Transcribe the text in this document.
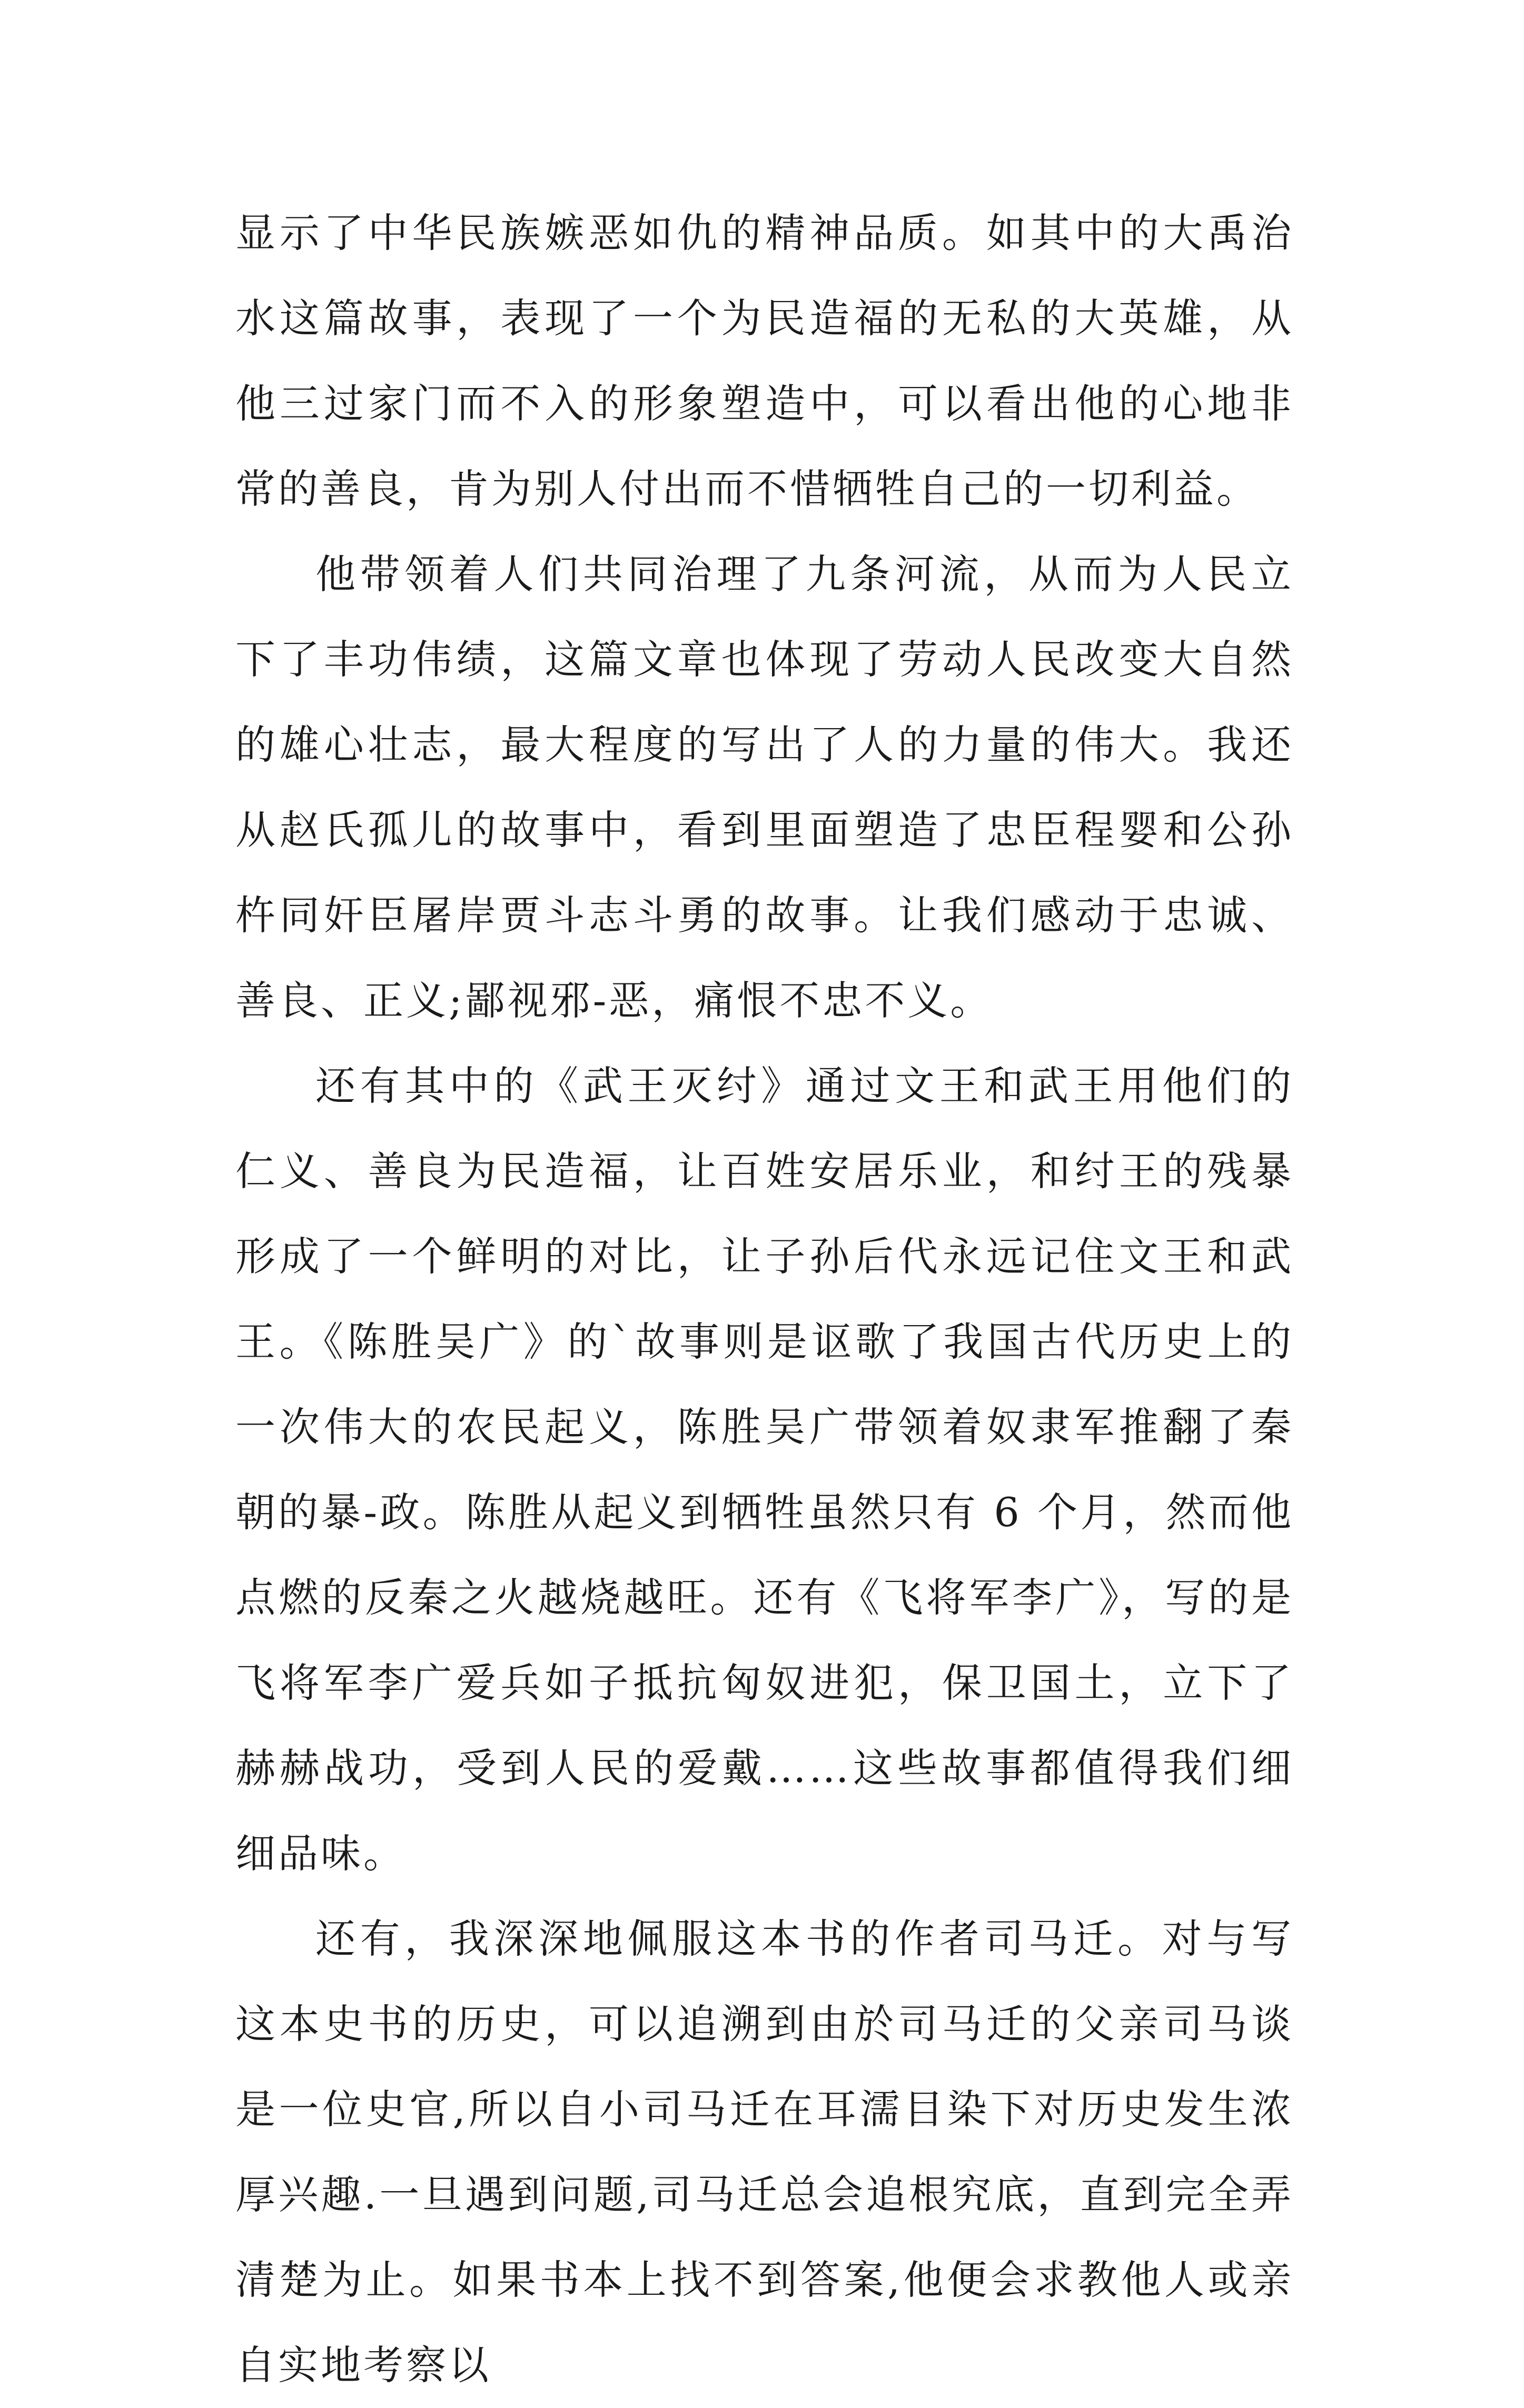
显示了中华民族嫉恶如仇的精神品质。如其中的大禹治水这篇故事，表现了一个为民造福的无私的大英雄，从他三过家门而不入的形象塑造中，可以看出他的心地非常的善良，肯为别人付出而不惜牺牲自己的一切利益。

他带领着人们共同治理了九条河流，从而为人民立下了丰功伟绩，这篇文章也体现了劳动人民改变大自然的雄心壮志，最大程度的写出了人的力量的伟大。我还从赵氏孤儿的故事中，看到里面塑造了忠臣程婴和公孙杵同奸臣屠岸贾斗志斗勇的故事。让我们感动于忠诚、善良、正义;鄙视邪-恶，痛恨不忠不义。

还有其中的《武王灭纣》通过文王和武王用他们的仁义、善良为民造福，让百姓安居乐业，和纣王的残暴形成了一个鲜明的对比，让子孙后代永远记住文王和武王。《陈胜吴广》的`故事则是讴歌了我国古代历史上的一次伟大的农民起义，陈胜吴广带领着奴隶军推翻了秦朝的暴-政。陈胜从起义到牺牲虽然只有 6 个月，然而他点燃的反秦之火越烧越旺。还有《飞将军李广》，写的是飞将军李广爱兵如子抵抗匈奴进犯，保卫国土，立下了赫赫战功，受到人民的爱戴……这些故事都值得我们细细品味。

还有，我深深地佩服这本书的作者司马迁。对与写这本史书的历史，可以追溯到由於司马迁的父亲司马谈是一位史官,所以自小司马迁在耳濡目染下对历史发生浓厚兴趣.一旦遇到问题,司马迁总会追根究底，直到完全弄清楚为止。如果书本上找不到答案,他便会求教他人或亲自实地考察以
